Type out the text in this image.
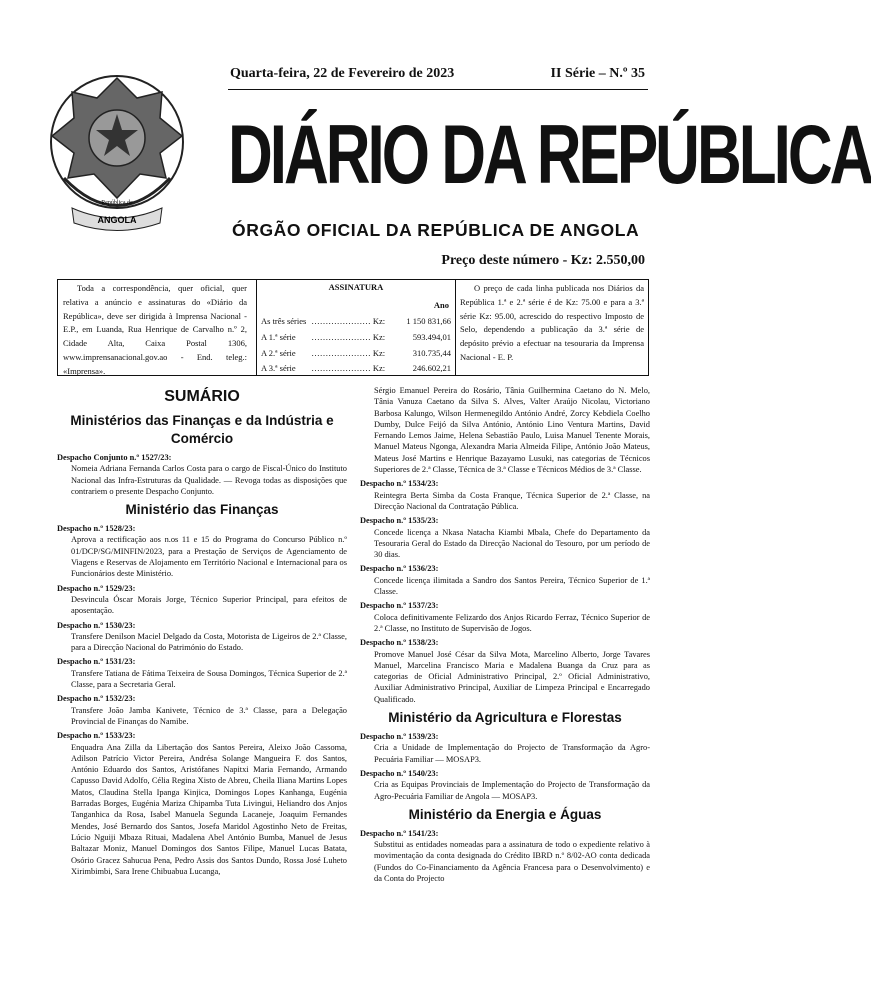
República de
ANGOLA
Quarta-feira, 22 de Fevereiro de 2023	II Série – N.º 35
DIÁRIO DA REPÚBLICA
ÓRGÃO OFICIAL DA REPÚBLICA DE ANGOLA
Preço deste número - Kz: 2.550,00
Toda a correspondência, quer oficial, quer relativa a anúncio e assinaturas do «Diário da República», deve ser dirigida à Imprensa Nacional - E.P., em Luanda, Rua Henrique de Carvalho n.º 2, Cidade Alta, Caixa Postal 1306, www.imprensanacional.gov.ao - End. teleg.: «Imprensa».
ASSINATURA
Ano
As três séries ………………… Kz:	1 150 831,66
A 1.ª série	………………… Kz:	593.494,01
A 2.ª série	………………… Kz:	310.735,44
A 3.ª série	………………… Kz:	246.602,21
O preço de cada linha publicada nos Diários da República 1.ª e 2.ª série é de Kz: 75.00 e para a 3.ª série Kz: 95.00, acrescido do respectivo Imposto de Selo, dependendo a publicação da 3.ª série de depósito prévio a efectuar na tesouraria da Imprensa Nacional - E. P.
SUMÁRIO
Ministérios das Finanças e da Indústria e Comércio
Despacho Conjunto n.º 1527/23:
Nomeia Adriana Fernanda Carlos Costa para o cargo de Fiscal-Único do Instituto Nacional das Infra-Estruturas da Qualidade. — Revoga todas as disposições que contrariem o presente Despacho Conjunto.
Ministério das Finanças
Despacho n.º 1528/23:
Aprova a rectificação aos n.os 11 e 15 do Programa do Concurso Público n.º 01/DCP/SG/MINFIN/2023, para a Prestação de Serviços de Agenciamento de Viagens e Reservas de Alojamento em Território Nacional e Internacional para os Funcionários deste Ministério.
Despacho n.º 1529/23:
Desvincula Óscar Morais Jorge, Técnico Superior Principal, para efeitos de aposentação.
Despacho n.º 1530/23:
Transfere Denilson Maciel Delgado da Costa, Motorista de Ligeiros de 2.ª Classe, para a Direcção Nacional do Património do Estado.
Despacho n.º 1531/23:
Transfere Tatiana de Fátima Teixeira de Sousa Domingos, Técnica Superior de 2.ª Classe, para a Secretaria Geral.
Despacho n.º 1532/23:
Transfere João Jamba Kanivete, Técnico de 3.ª Classe, para a Delegação Provincial de Finanças do Namibe.
Despacho n.º 1533/23:
Enquadra Ana Zilla da Libertação dos Santos Pereira, Aleixo João Cassoma, Adilson Patrício Victor Pereira, Andrésa Solange Mangueira F. dos Santos, António Eduardo dos Santos, Aristófanes Napitxi Maria Fernando, Armando Capusso David Adolfo, Célia Regina Xisto de Abreu, Cheila Iliana Martins Lopes Matos, Claudina Stella Ipanga Kinjica, Domingos Lopes Kanhanga, Eugénia Barradas Borges, Eugénia Mariza Chipamba Tuta Livingui, Heliandro dos Anjos Tanganhica da Rosa, Isabel Manuela Segunda Lacaneje, Joaquim Fernandes Mendes, José Bernardo dos Santos, Josefa Maridol Agostinho Neto de Freitas, Lúcio Nguiji Mbaza Rituai, Madalena Abel António Bumba, Manuel de Jesus Baltazar Moniz, Manuel Domingos dos Santos Filipe, Manuel Lucas Batata, Osório Gracez Sahucua Pena, Pedro Assis dos Santos Dundo, Rossa José Luheto Xirimbimbi, Sara Irene Chibuabua Lucanga,
Sérgio Emanuel Pereira do Rosário, Tânia Guilhermina Caetano do N. Melo, Tânia Vanuza Caetano da Silva S. Alves, Valter Araújo Nicolau, Victoriano Barbosa Kalungo, Wilson Hermenegildo António André, Zorcy Kebdiela Coelho Dumby, Dulce Feijó da Silva António, António Lino Ventura Martins, David Fernando Lemos Jaime, Helena Sebastião Paulo, Luisa Manuel Tenente Morais, Manuel Mateus Ngonga, Alexandra Maria Almeida Filipe, António João Mateus, Mateus José Martins e Henrique Bazayamo Lusuki, nas categorias de Técnicos Superiores de 2.ª Classe, Técnica de 3.ª Classe e Técnicos Médios de 3.ª Classe.
Despacho n.º 1534/23:
Reintegra Berta Simba da Costa Franque, Técnica Superior de 2.ª Classe, na Direcção Nacional da Contratação Pública.
Despacho n.º 1535/23:
Concede licença a Nkasa Natacha Kiambi Mbala, Chefe do Departamento da Tesouraria Geral do Estado da Direcção Nacional do Tesouro, por um período de 30 dias.
Despacho n.º 1536/23:
Concede licença ilimitada a Sandro dos Santos Pereira, Técnico Superior de 1.ª Classe.
Despacho n.º 1537/23:
Coloca definitivamente Felizardo dos Anjos Ricardo Ferraz, Técnico Superior de 2.ª Classe, no Instituto de Supervisão de Jogos.
Despacho n.º 1538/23:
Promove Manuel José César da Silva Mota, Marcelino Alberto, Jorge Tavares Manuel, Marcelina Francisco Maria e Madalena Buanga da Cruz para as categorias de Oficial Administrativo Principal, 2.º Oficial Administrativo, Auxiliar Administrativo Principal, Auxiliar de Limpeza Principal e Encarregado Qualificado.
Ministério da Agricultura e Florestas
Despacho n.º 1539/23:
Cria a Unidade de Implementação do Projecto de Transformação da Agro-Pecuária Familiar — MOSAP3.
Despacho n.º 1540/23:
Cria as Equipas Provinciais de Implementação do Projecto de Transformação da Agro-Pecuária Familiar de Angola — MOSAP3.
Ministério da Energia e Águas
Despacho n.º 1541/23:
Substitui as entidades nomeadas para a assinatura de todo o expediente relativo à movimentação da conta designada do Crédito IBRD n.º 8/02-AO conta dedicada (Fundos do Co-Financiamento da Agência Francesa para o Desenvolvimento) e da Conta do Projecto
